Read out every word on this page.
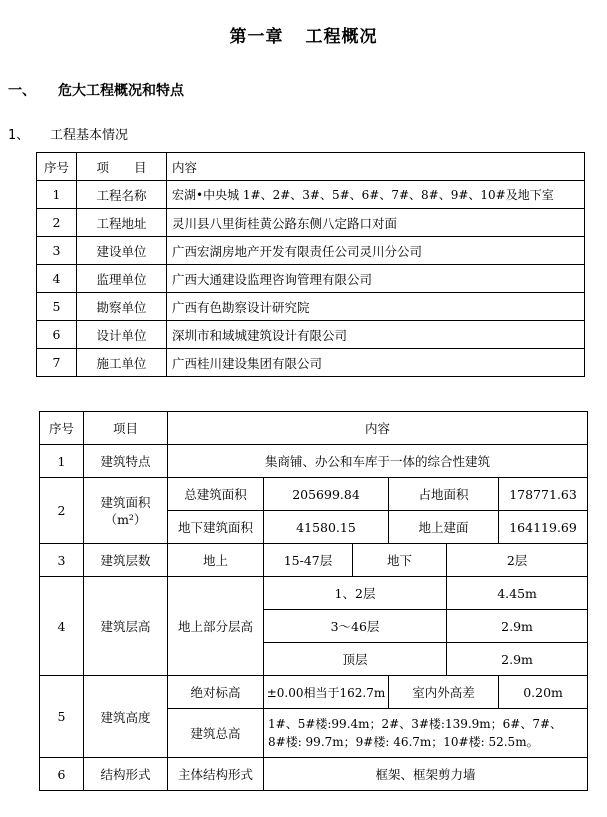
第一章 工程概况
一、 危大工程概况和特点
1、 工程基本情况
序号	项　　目	内容
1	工程名称	宏湖•中央城 1#、2#、3#、5#、6#、7#、8#、9#、10#及地下室
2	工程地址	灵川县八里街桂黄公路东侧八定路口对面
3	建设单位	广西宏湖房地产开发有限责任公司灵川分公司
4	监理单位	广西大通建设监理咨询管理有限公司
5	勘察单位	广西有色勘察设计研究院
6	设计单位	深圳市和域城建筑设计有限公司
7	施工单位	广西桂川建设集团有限公司
序号	项目	内容					
1	建筑特点	集商铺、办公和车库于一体的综合性建筑					
2	建筑面积
（m²）	总建筑面积	205699.84		占地面积		178771.63
		地下建筑面积	41580.15		地上建面		164119.69
3	建筑层数	地上	15-47层	地下		2层	
4	建筑层高	地上部分层高	1、2层			4.45m	
			3～46层			2.9m	
			顶层			2.9m	
5	建筑高度	绝对标高	±0.00相当于162.7m		室内外高差		0.20m
		建筑总高	1#、5#楼:99.4m；2#、3#楼:139.9m；6#、7#、
8#楼: 99.7m；9#楼: 46.7m；10#楼: 52.5m。				
6	结构形式	主体结构形式	框架、框架剪力墙				
